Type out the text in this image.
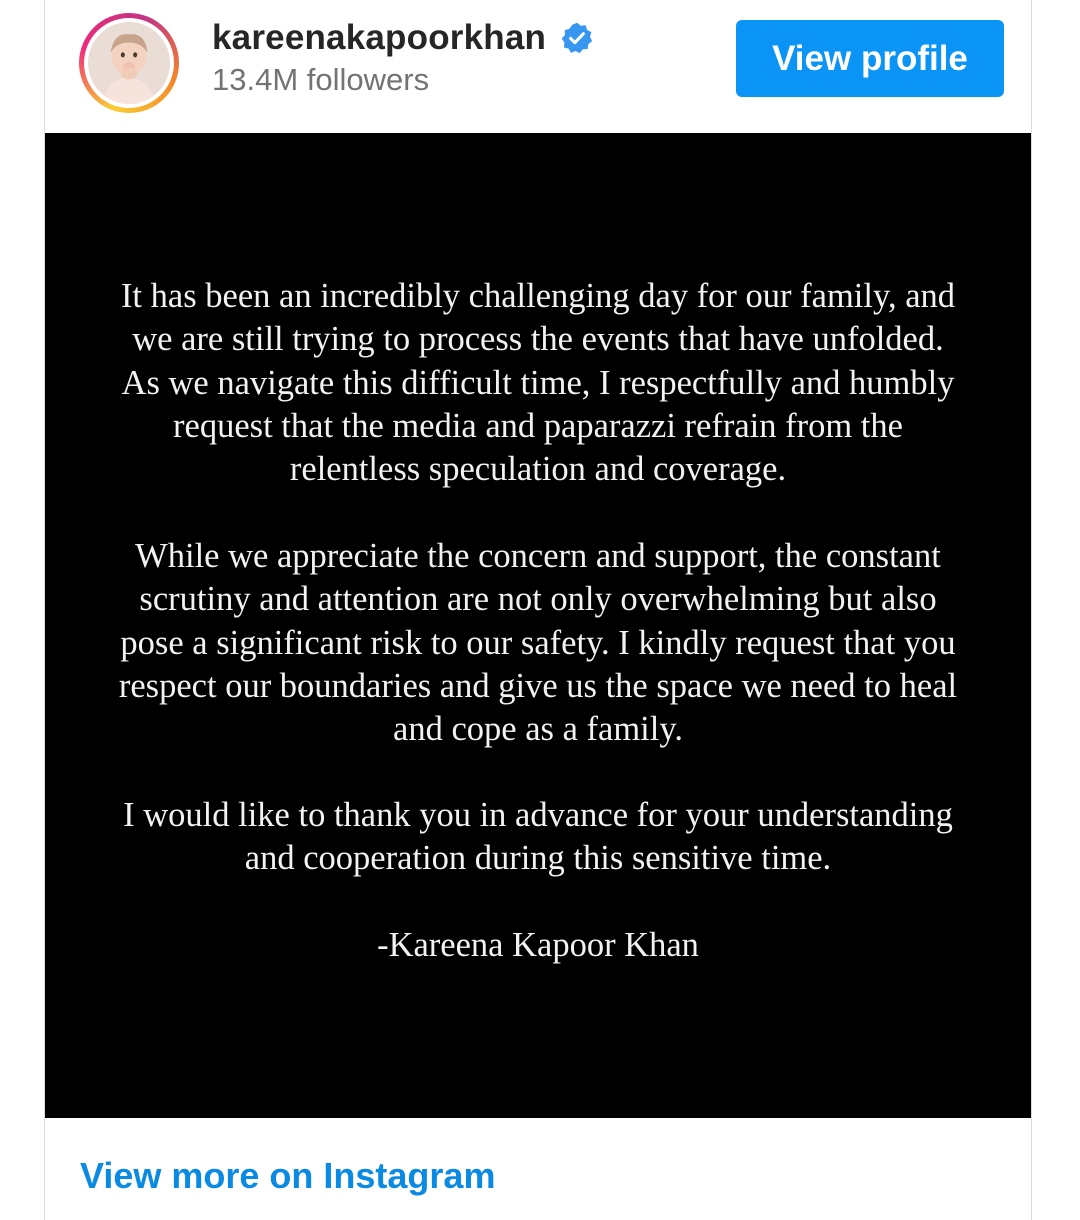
kareenakapoorkhan
13.4M followers
View profile
It has been an incredibly challenging day for our family, and
we are still trying to process the events that have unfolded.
As we navigate this difficult time, I respectfully and humbly
request that the media and paparazzi refrain from the
relentless speculation and coverage.
While we appreciate the concern and support, the constant
scrutiny and attention are not only overwhelming but also
pose a significant risk to our safety. I kindly request that you
respect our boundaries and give us the space we need to heal
and cope as a family.
I would like to thank you in advance for your understanding
and cooperation during this sensitive time.
-Kareena Kapoor Khan
View more on Instagram
